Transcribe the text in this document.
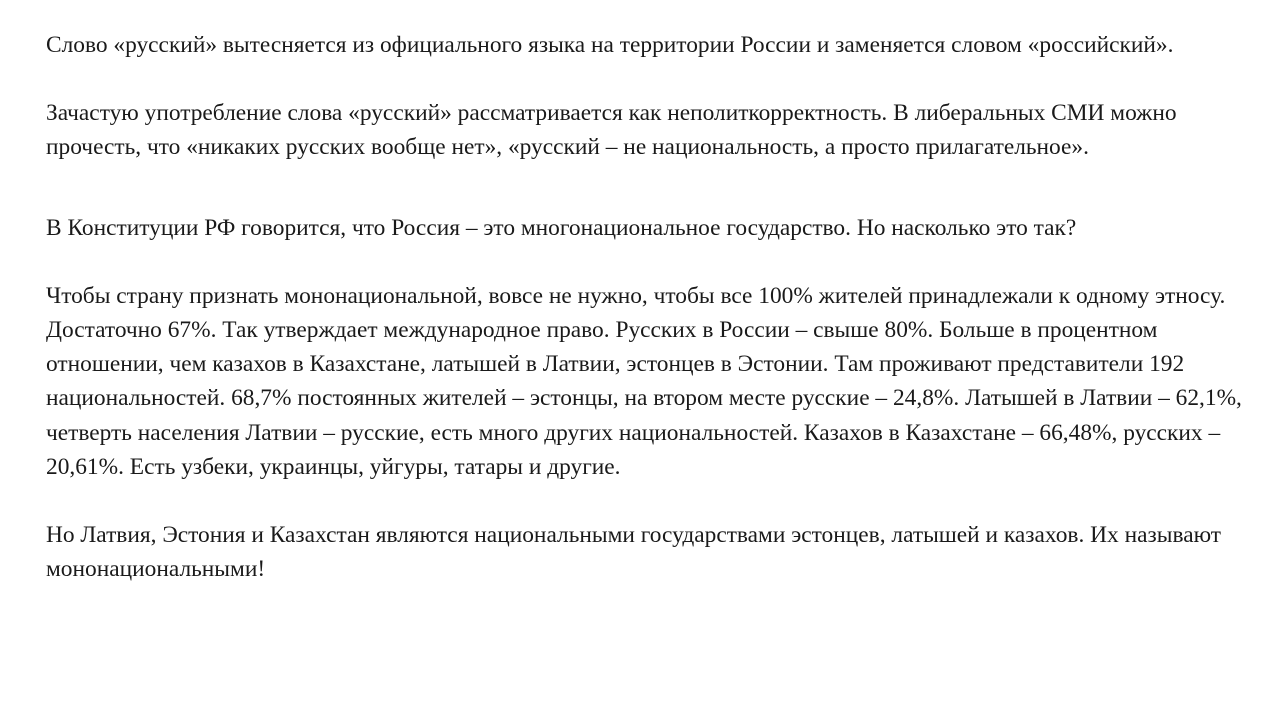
Слово «русский» вытесняется из официального языка на территории России и заменяется словом «российский».

Зачастую употребление слова «русский» рассматривается как неполиткорректность. В либеральных СМИ можно прочесть, что «никаких русских вообще нет», «русский – не национальность, а просто прилагательное».

В Конституции РФ говорится, что Россия – это многонациональное государство. Но насколько это так?

Чтобы страну признать мононациональной, вовсе не нужно, чтобы все 100% жителей принадлежали к одному этносу. Достаточно 67%. Так утверждает международное право. Русских в России – свыше 80%. Больше в процентном отношении, чем казахов в Казахстане, латышей в Латвии, эстонцев в Эстонии. Там проживают представители 192 национальностей. 68,7% постоянных жителей – эстонцы, на втором месте русские – 24,8%. Латышей в Латвии – 62,1%, четверть населения Латвии – русские, есть много других национальностей. Казахов в Казахстане – 66,48%, русских – 20,61%. Есть узбеки, украинцы, уйгуры, татары и другие.

Но Латвия, Эстония и Казахстан являются национальными государствами эстонцев, латышей и казахов. Их называют мононациональными!
